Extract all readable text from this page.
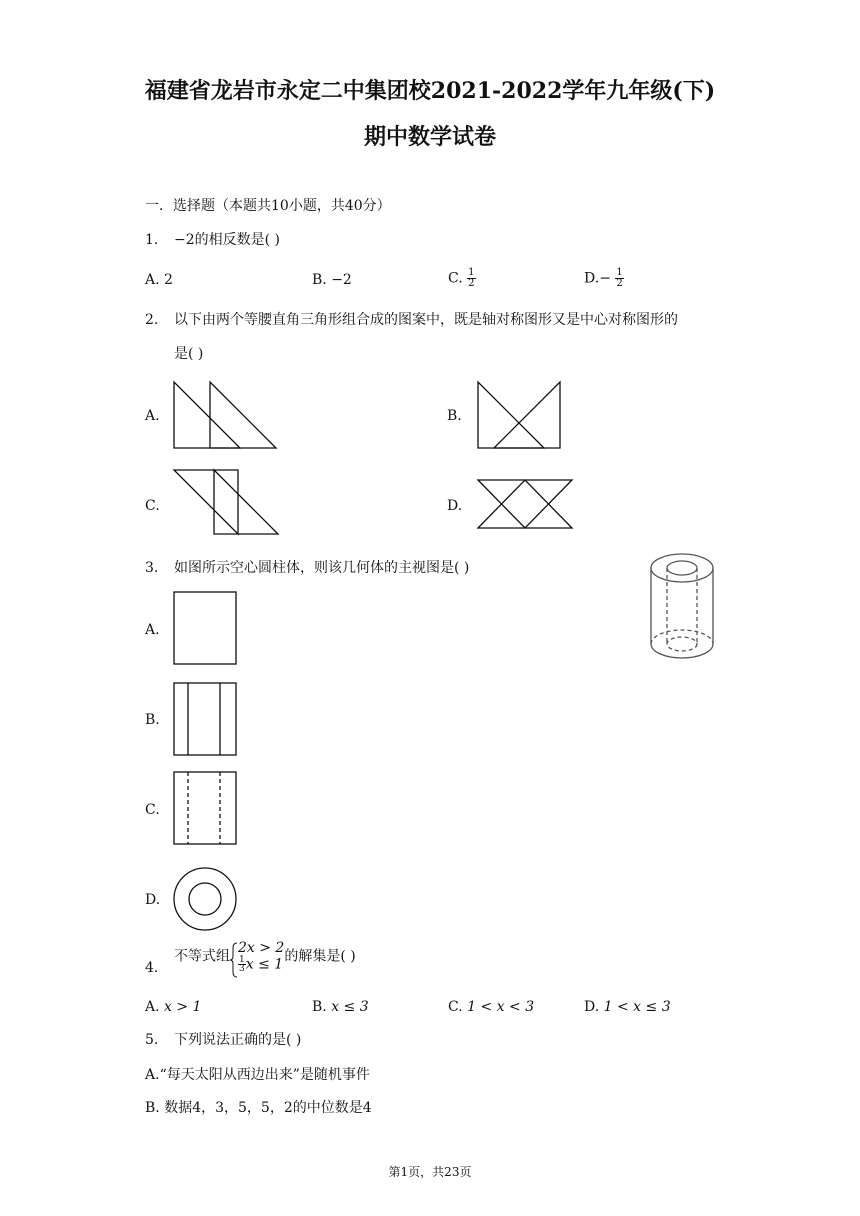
福建省龙岩市永定二中集团校2021-2022学年九年级(下)
期中数学试卷
一．选择题（本题共10小题，共40分）
1. −2的相反数是( )
A. 2	B. −2	C. $\frac{1}{2}$	$D.- \frac{1}{2}$
2. 以下由两个等腰直角三角形组合成的图案中，既是轴对称图形又是中心对称图形的
是( )
A.	B.
C.	D.
3. 如图所示空心圆柱体，则该几何体的主视图是( )
A.
B.
C.
D.
4.
不等式组
2x > 2
$\frac{1}{3}$ x ≤ 1 的解集是( )
A. x > 1	B. x ≤ 3	C. 1 < x < 3	D. 1 < x ≤ 3
5. 下列说法正确的是( )
A.“每天太阳从西边出来”是随机事件
B. 数据4，3，5，5，2的中位数是4
第1页，共23页
